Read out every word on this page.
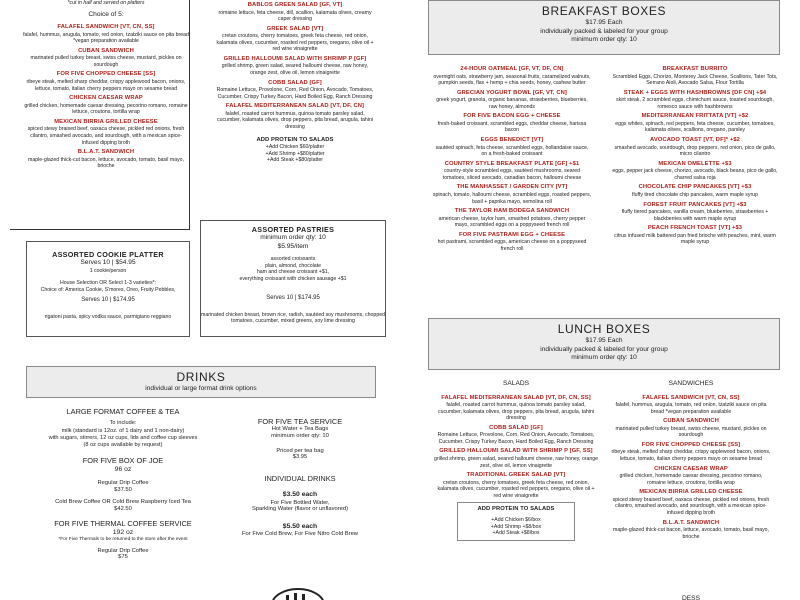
*cut in half and served on platters
Choice of 5:
FALAFEL SANDWICH [VT, CN, SS]
falafel, hummus, arugula, tomato, red onion, tzatziki sauce on pita bread *vegan preparation available
CUBAN SANDWICH
marinated pulled turkey breast, swiss cheese, mustard, pickles on sourdough
FOR FIVE CHOPPED CHEESE [SS]
ribeye steak, melted sharp cheddar, crispy applewood bacon, onions, lettuce, tomato, italian cherry peppers mayo on sesame bread
CHICKEN CAESAR WRAP
grilled chicken, homemade caesar dressing, pecorino romano, romaine lettuce, croutons, tortilla wrap
MEXICAN BIRRIA GRILLED CHEESE
spiced stewy braised beef, oaxaca cheese, pickled red onions, fresh cilantro, smashed avocado, and sourdough, with a mexican spice-infused dipping broth
B.L.A.T. SANDWICH
maple-glazed thick-cut bacon, lettuce, avocado, tomato, basil mayo, brioche
BABLOS GREEN SALAD [GF, VT]
romaine lettuce, feta cheese, dill, scallion, kalamata olives, creamy caper dressing
GREEK SALAD [VT]
cretan croutons, cherry tomatoes, greek feta cheese, red onion, kalamata olives, cucumber, roasted red peppers, oregano, olive oil + red wine vinaigrette
GRILLED HALLOUMI SALAD WITH SHRIMP P [GF]
grilled shrimp, green salad, seared halloumi cheese, raw honey, orange zest, olive oil, lemon vinaigrette
COBB SALAD [GF]
Romaine Lettuce, Provolone, Corn, Red Onion, Avocado, Tomatoes, Cucumber, Crispy Turkey Bacon, Hard Boiled Egg, Ranch Dressing
FALAFEL MEDITERRANEAN SALAD [VT, DF, CN]
falafel, roasted carrot hummus, quinoa tomato parsley salad, cucumber, kalamata olives, drop peppers, pita bread, arugula, tahini dressing
ADD PROTEIN TO SALADS
+Add Chicken $60/platter
+Add Shrimp +$80/platter
+Add Steak +$80/platter
ASSORTED COOKIE PLATTER
Serves 10 | $54.95
1 cookie/person
House Selection OR Select 1-3 varieties*:
Choice of: America Cookie, S'mores, Oreo, Fruity Pebbles,
Serves 10 | $174.95
rigatoni pasta, spicy vodka sauce, parmigiano reggiano
ASSORTED PASTRIES
minimum order qty: 10
$5.95/item
assorted croissants
plain, almond, chocolate
ham and cheese croissant +$1,
everything croissant with chicken sausage +$1
Serves 10 | $174.95
marinated chicken breast, brown rice, radish, sautéed soy mushrooms, chopped tomatoes, cucumber, mixed greens, soy lime dressing
BREAKFAST BOXES
$17.95 Each
individually packed & labeled for your group
minimum order qty: 10
24-HOUR OATMEAL [GF, VT, DF, CN]
overnight oats, strawberry jam, seasonal fruits, caramelized walnuts, pumpkin seeds, flax + hemp + chia seeds, honey, cashew butter
GRECIAN YOGURT BOWL [GF, VT, CN]
greek yogurt, granola, organic bananas, strawberries, blueberries, raw honey, almonds
FOR FIVE BACON EGG + CHEESE
fresh-baked croissant, scrambled eggs, cheddar cheese, harissa bacon
EGGS BENEDICT [VT]
sautéed spinach, feta cheese, scrambled eggs, hollandaise sauce, on a fresh-baked croissant
COUNTRY STYLE BREAKFAST PLATE [GF] +$1
country-style scrambled eggs, sautéed mushrooms, seared tomatoes, sliced avocado, canadian bacon, halloumi cheese
THE MANHASSET / GARDEN CITY [VT]
spinach, tomato, halloumi cheese, scrambled eggs, roasted peppers, basil + paprika mayo, semolina roll
THE TAYLOR HAM BODEGA SANDWICH
american cheese, taylor ham, smashed potatoes, cherry pepper mayo, scrambled eggs on a poppyseed french roll
FOR FIVE PASTRAMI EGG + CHEESE
hot pastrami, scrambled eggs, american cheese on a poppyseed french roll
BREAKFAST BURRITO
Scrambled Eggs, Chorizo, Monterey Jack Cheese, Scallions, Tater Tots, Serrano Aioli, Avocado Salsa, Flour Tortilla
STEAK + EGGS WITH HASHBROWNS [DF CN] +$4
skirt steak, 2 scrambled eggs, chimichurri sauce, toasted sourdough, romesco sauce with hashbrowns
MEDITERRANEAN FRITTATA [VT] +$2
eggs whites, spinach, red peppers, feta cheese, cucumber, tomatoes, kalamata olives, scallions, oregano, parsley
AVOCADO TOAST [VT, DF]* +$2
smashed avocado, sourdough, drop peppers, red onion, pico de gallo, micro cilantro
MEXICAN OMELETTE +$3
eggs, pepper jack cheese, chorizo, avocado, black beans, pico de gallo, charred salsa roja
CHOCOLATE CHIP PANCAKES [VT] +$3
fluffy tired chocolate chip pancakes, warm maple syrup
FOREST FRUIT PANCAKES [VT] +$3
fluffy tiered pancakes, vanilla cream, blueberries, strawberries + blackberries with warm maple syrup
PEACH FRENCH TOAST [VT] +$3
citrus infused milk battered pan fried brioche with peaches, mint, warm maple syrup
DRINKS
individual or large format drink options
LARGE FORMAT COFFEE & TEA
To include:
milk (standard is 12oz. of 1 dairy and 1 non-dairy)
with sugars, stirrers, 12 oz cups, lids and coffee cup sleeves
(8 oz cups available by request)
FOR FIVE BOX OF JOE
96 oz
Regular Drip Coffee
$37.50
Cold Brew Coffee OR Cold Brew Raspberry Iced Tea
$42.50
FOR FIVE THERMAL COFFEE SERVICE
192 oz
*For Five Thermals to be returned to the store after the event
Regular Drip Coffee
$75
FOR FIVE TEA SERVICE
Hot Water + Tea Bags
minimum order qty: 10
Priced per tea bag
$3.95
INDIVIDUAL DRINKS
$3.50 each
For Five Bottled Water,
Sparkling Water (flavor or unflavored)
$5.50 each
For Five Cold Brew, For Five Nitro Cold Brew
LUNCH BOXES
$17.95 Each
individually packed & labeled for your group
minimum order qty: 10
SALADS
FALAFEL MEDITERRANEAN SALAD [VT, DF, CN, SS]
falafel, roasted carrot hummus, quinoa tomato parsley salad, cucumber, kalamata olives, drop peppers, pita bread, arugula, tahini dressing
COBB SALAD [GF]
Romaine Lettuce, Provolone, Corn, Red Onion, Avocado, Tomatoes, Cucumber, Crispy Turkey Bacon, Hard Boiled Egg, Ranch Dressing
GRILLED HALLOUMI SALAD WITH SHRIMP P [GF, SS]
grilled shrimp, green salad, seared halloumi cheese, raw honey, orange zest, olive oil, lemon vinaigrette
TRADITIONAL GREEK SALAD [VT]
cretan croutons, cherry tomatoes, greek feta cheese, red onion, kalamata olives, cucumber, roasted red peppers, oregano, olive oil + red wine vinaigrette
ADD PROTEIN TO SALADS
+Add Chicken $6/box
+Add Shrimp +$8/box
+Add Steak +$8/box
SANDWICHES
FALAFEL SANDWICH [VT, CN, SS]
falafel, hummus, arugula, tomato, red onion, tzatziki sauce on pita bread *vegan preparation available
CUBAN SANDWICH
marinated pulled turkey breast, swiss cheese, mustard, pickles on sourdough
FOR FIVE CHOPPED CHEESE [SS]
ribeye steak, melted sharp cheddar, crispy applewood bacon, onions, lettuce, tomato, italian cherry peppers mayo on sesame bread
CHICKEN CAESAR WRAP
grilled chicken, homemade caesar dressing, pecorino romano, romaine lettuce, croutons, tortilla wrap
MEXICAN BIRRIA GRILLED CHEESE
spiced stewy braised beef, oaxaca cheese, pickled red onions, fresh cilantro, smashed avocado, and sourdough, with a mexican spice-infused dipping broth
B.L.A.T. SANDWICH
maple-glazed thick-cut bacon, lettuce, avocado, tomato, basil mayo, brioche
DESS
